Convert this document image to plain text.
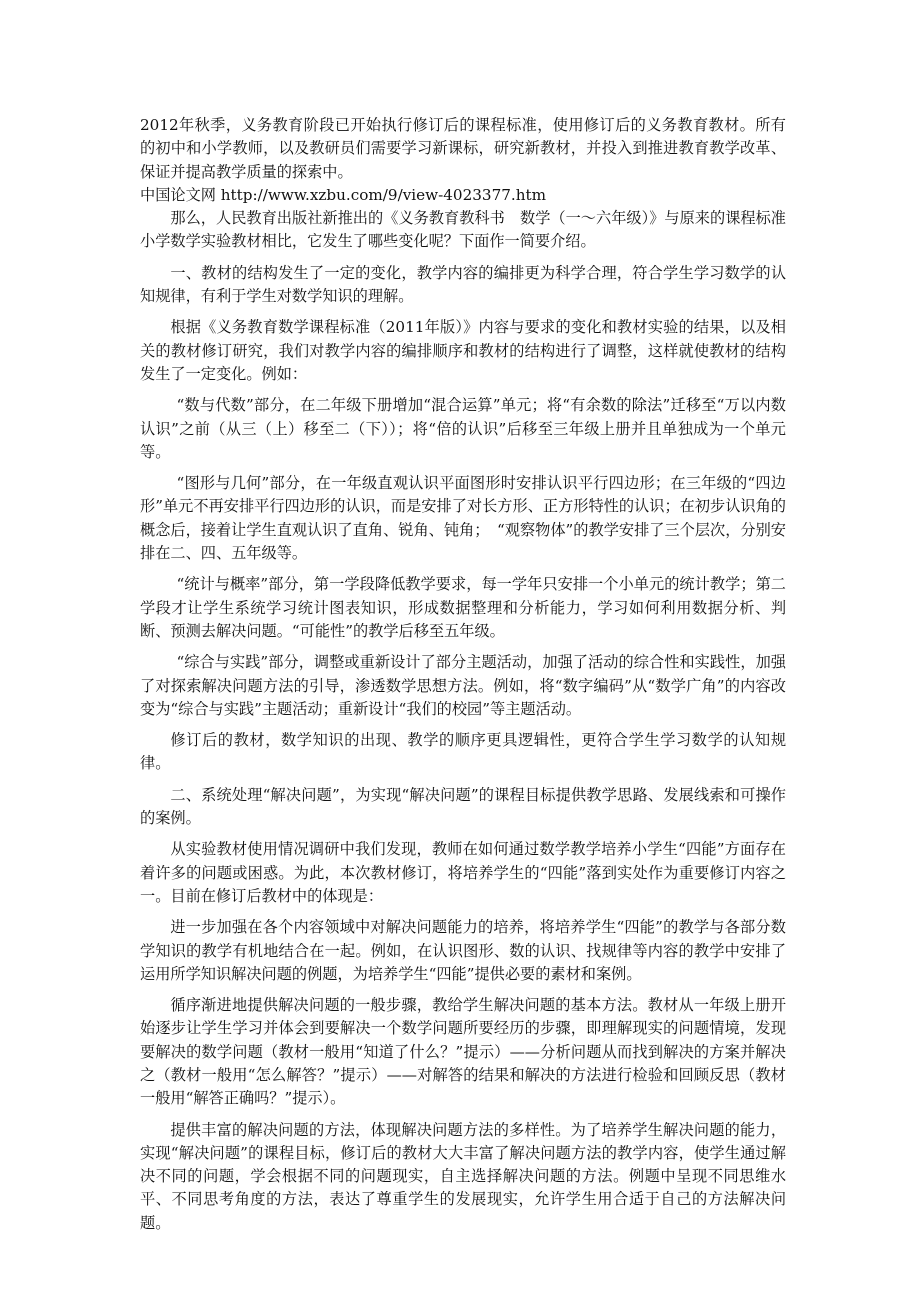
2012年秋季，义务教育阶段已开始执行修订后的课程标准，使用修订后的义务教育教材。所有的初中和小学教师，以及教研员们需要学习新课标，研究新教材，并投入到推进教育教学改革、保证并提高教学质量的探索中。

中国论文网 http://www.xzbu.com/9/view-4023377.htm

那么，人民教育出版社新推出的《义务教育教科书　数学（一～六年级）》与原来的课程标准小学数学实验教材相比，它发生了哪些变化呢？下面作一简要介绍。

一、教材的结构发生了一定的变化，教学内容的编排更为科学合理，符合学生学习数学的认知规律，有利于学生对数学知识的理解。

根据《义务教育数学课程标准（2011年版）》内容与要求的变化和教材实验的结果，以及相关的教材修订研究，我们对教学内容的编排顺序和教材的结构进行了调整，这样就使教材的结构发生了一定变化。例如：

“数与代数”部分，在二年级下册增加“混合运算”单元；将“有余数的除法”迁移至“万以内数认识”之前（从三（上）移至二（下））；将“倍的认识”后移至三年级上册并且单独成为一个单元等。

“图形与几何”部分，在一年级直观认识平面图形时安排认识平行四边形；在三年级的“四边形”单元不再安排平行四边形的认识，而是安排了对长方形、正方形特性的认识；在初步认识角的概念后，接着让学生直观认识了直角、锐角、钝角；　“观察物体”的教学安排了三个层次，分别安排在二、四、五年级等。

“统计与概率”部分，第一学段降低教学要求，每一学年只安排一个小单元的统计教学；第二学段才让学生系统学习统计图表知识，形成数据整理和分析能力，学习如何利用数据分析、判断、预测去解决问题。“可能性”的教学后移至五年级。

“综合与实践”部分，调整或重新设计了部分主题活动，加强了活动的综合性和实践性，加强了对探索解决问题方法的引导，渗透数学思想方法。例如，将“数字编码”从“数学广角”的内容改变为“综合与实践”主题活动；重新设计“我们的校园”等主题活动。

修订后的教材，数学知识的出现、教学的顺序更具逻辑性，更符合学生学习数学的认知规律。

二、系统处理“解决问题”，为实现“解决问题”的课程目标提供教学思路、发展线索和可操作的案例。

从实验教材使用情况调研中我们发现，教师在如何通过数学教学培养小学生“四能”方面存在着许多的问题或困惑。为此，本次教材修订，将培养学生的“四能”落到实处作为重要修订内容之一。目前在修订后教材中的体现是：

进一步加强在各个内容领域中对解决问题能力的培养，将培养学生“四能”的教学与各部分数学知识的教学有机地结合在一起。例如，在认识图形、数的认识、找规律等内容的教学中安排了运用所学知识解决问题的例题，为培养学生“四能”提供必要的素材和案例。

循序渐进地提供解决问题的一般步骤，教给学生解决问题的基本方法。教材从一年级上册开始逐步让学生学习并体会到要解决一个数学问题所要经历的步骤，即理解现实的问题情境，发现要解决的数学问题（教材一般用“知道了什么？”提示）——分析问题从而找到解决的方案并解决之（教材一般用“怎么解答？”提示）——对解答的结果和解决的方法进行检验和回顾反思（教材一般用“解答正确吗？”提示）。

提供丰富的解决问题的方法，体现解决问题方法的多样性。为了培养学生解决问题的能力，实现“解决问题”的课程目标，修订后的教材大大丰富了解决问题方法的教学内容，使学生通过解决不同的问题，学会根据不同的问题现实，自主选择解决问题的方法。例题中呈现不同思维水平、不同思考角度的方法，表达了尊重学生的发展现实，允许学生用合适于自己的方法解决问题。
